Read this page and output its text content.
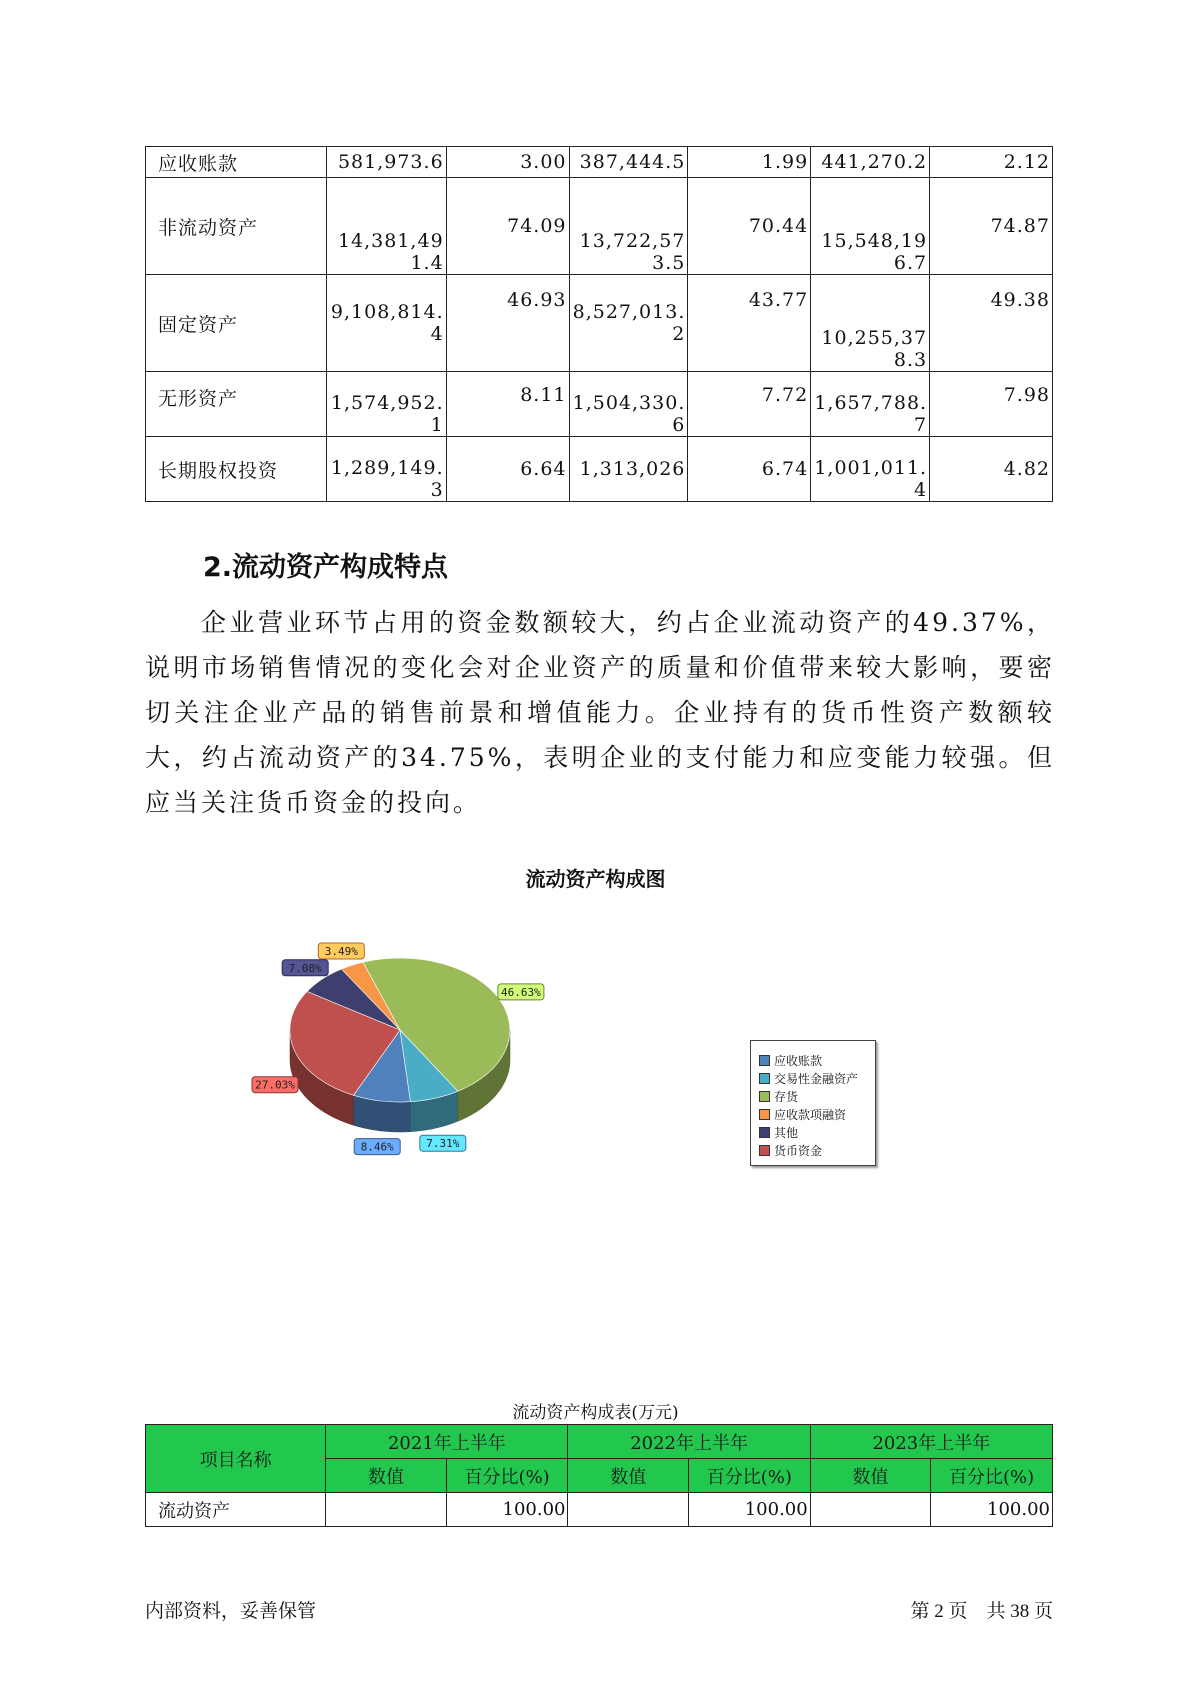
应收账款	581,973.6	3.00	387,444.5	1.99	441,270.2	2.12
非流动资产	14,381,491.4	74.09	13,722,573.5	70.44	15,548,196.7	74.87
固定资产	9,108,814.4	46.93	8,527,013.2	43.77	10,255,378.3	49.38
无形资产	1,574,952.1	8.11	1,504,330.6	7.72	1,657,788.7	7.98
长期股权投资	1,289,149.3	6.64	1,313,026	6.74	1,001,011.4	4.82
2.流动资产构成特点
企业营业环节占用的资金数额较大，约占企业流动资产的49.37%，说明市场销售情况的变化会对企业资产的质量和价值带来较大影响，要密切关注企业产品的销售前景和增值能力。企业持有的货币性资产数额较大，约占流动资产的34.75%，表明企业的支付能力和应变能力较强。但应当关注货币资金的投向。
流动资产构成图
8.46%	7.31%
46.63%
3.49%
7.08%
27.03%
应收账款
交易性金融资产
存货
应收款项融资
其他
货币资金
流动资产构成表(万元)
项目名称	2021年上半年		2022年上半年		2023年上半年	
	数值	百分比(%)	数值	百分比(%)	数值	百分比(%)
流动资产		100.00		100.00		100.00
内部资料，妥善保管	第 2 页　共 38 页
